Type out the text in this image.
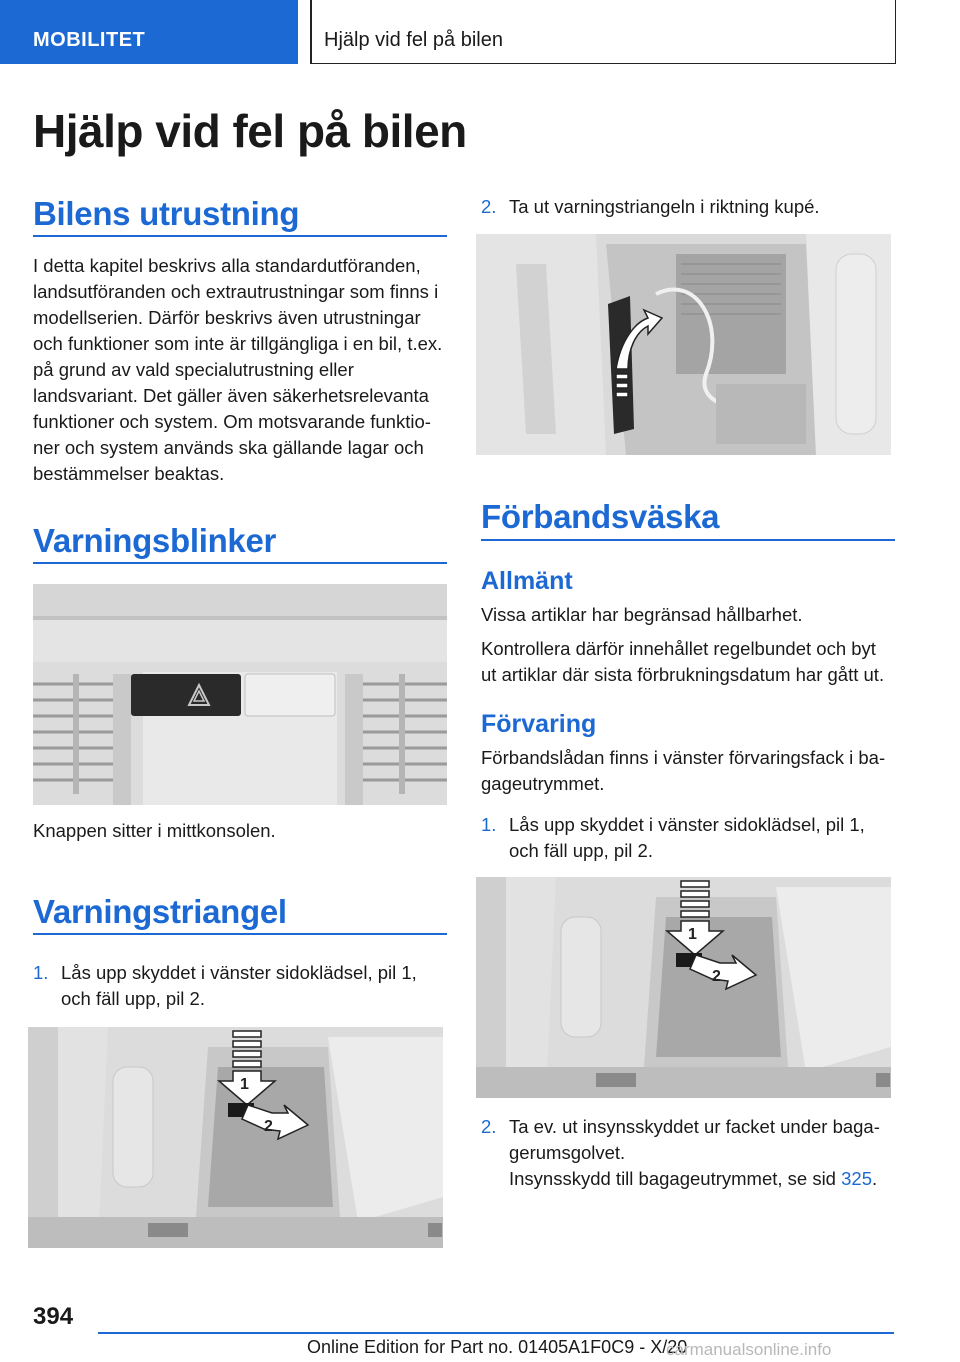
MOBILITET	Hjälp vid fel på bilen
Hjälp vid fel på bilen
Bilens utrustning
I detta kapitel beskrivs alla standardutföranden, landsutföranden och extrautrustningar som finns i modellserien. Därför beskrivs även utrustningar och funktioner som inte är tillgängliga i en bil, t.ex. på grund av vald specialutrustning eller landsvariant. Det gäller även säkerhetsrelevanta funktioner och system. Om motsvarande funktio-ner och system används ska gällande lagar och bestämmelser beaktas.
Varningsblinker
Knappen sitter i mittkonsolen.
Varningstriangel
1. Lås upp skyddet i vänster sidoklädsel, pil 1, och fäll upp, pil 2.
1
2
2. Ta ut varningstriangeln i riktning kupé.
Förbandsväska
Allmänt
Vissa artiklar har begränsad hållbarhet.
Kontrollera därför innehållet regelbundet och byt ut artiklar där sista förbrukningsdatum har gått ut.
Förvaring
Förbandslådan finns i vänster förvaringsfack i ba-gageutrymmet.
1. Lås upp skyddet i vänster sidoklädsel, pil 1, och fäll upp, pil 2.
1
2
2. Ta ev. ut insynsskyddet ur facket under baga-gerumsgolvet.
Insynsskydd till bagageutrymmet, se sid 325.
394
Online Edition for Part no. 01405A1F0C9 - X/20
carmanualsonline.info
